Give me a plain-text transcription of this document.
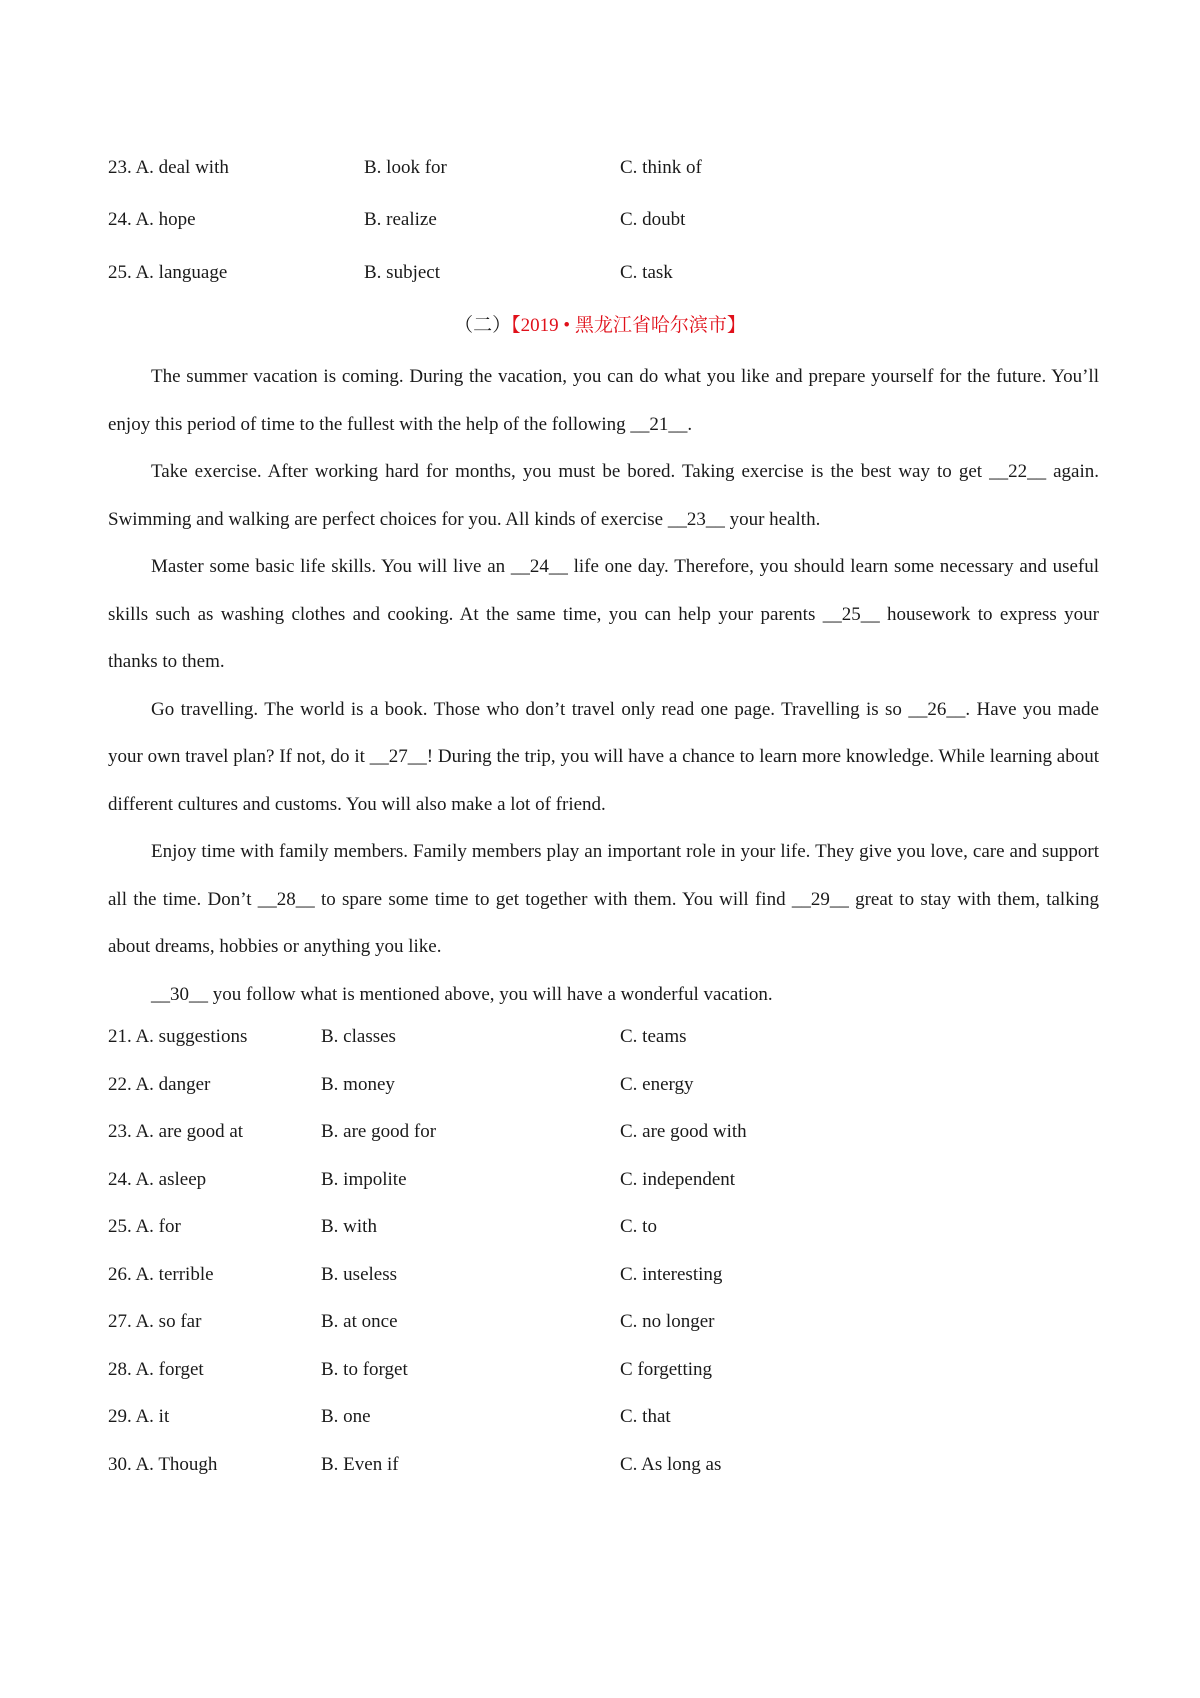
23. A. deal with	B. look for	C. think of
24. A. hope	B. realize	C. doubt
25. A. language	B. subject	C. task
（二）【2019 • 黑龙江省哈尔滨市】

The summer vacation is coming. During the vacation, you can do what you like and prepare yourself for the future. You’ll enjoy this period of time to the fullest with the help of the following __21__.

Take exercise. After working hard for months, you must be bored. Taking exercise is the best way to get __22__ again. Swimming and walking are perfect choices for you. All kinds of exercise __23__ your health.

Master some basic life skills. You will live an __24__ life one day. Therefore, you should learn some necessary and useful skills such as washing clothes and cooking. At the same time, you can help your parents __25__ housework to express your thanks to them.

Go travelling. The world is a book. Those who don’t travel only read one page. Travelling is so __26__. Have you made your own travel plan? If not, do it __27__! During the trip, you will have a chance to learn more knowledge. While learning about different cultures and customs. You will also make a lot of friend.

Enjoy time with family members. Family members play an important role in your life. They give you love, care and support all the time. Don’t __28__ to spare some time to get together with them. You will find __29__ great to stay with them, talking about dreams, hobbies or anything you like.

__30__ you follow what is mentioned above, you will have a wonderful vacation.

21. A. suggestions	B. classes	C. teams
22. A. danger	B. money	C. energy
23. A. are good at	B. are good for	C. are good with
24. A. asleep	B. impolite	C. independent
25. A. for	B. with	C. to
26. A. terrible	B. useless	C. interesting
27. A. so far	B. at once	C. no longer
28. A. forget	B. to forget	C forgetting
29. A. it	B. one	C. that
30. A. Though	B. Even if	C. As long as
